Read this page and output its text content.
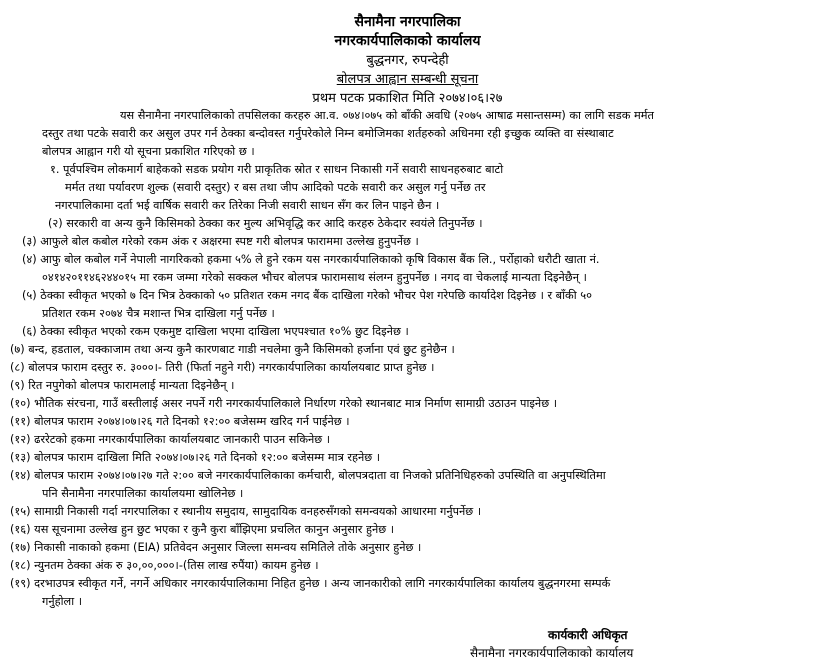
सैनामैना नगरपालिका
नगरकार्यपालिकाको कार्यालय
बुद्धनगर, रुपन्देही
बोलपत्र आह्वान सम्बन्धी सूचना
प्रथम पटक प्रकाशित मिति २०७४।०६।२७
यस सैनामैना नगरपालिकाको तपसिलका करहरु आ.व. ०७४।०७५ को बाँकी अवधि (२०७५ आषाढ मसान्तसम्म) का लागि सडक मर्मत
दस्तुर तथा पटके सवारी कर असुल उपर गर्न ठेक्का बन्दोवस्त गर्नुपरेकोले निम्न बमोजिमका शर्तहरुको अधिनमा रही इच्छुक व्यक्ति वा संस्थाबाट
बोलपत्र आह्वान गरी यो सूचना प्रकाशित गरिएको छ ।
१. पूर्वपश्चिम लोकमार्ग बाहेकको सडक प्रयोग गरी प्राकृतिक स्रोत र साधन निकासी गर्ने सवारी साधनहरुबाट बाटो
मर्मत तथा पर्यावरण शुल्क (सवारी दस्तुर) र बस तथा जीप आदिको पटके सवारी कर असुल गर्नु पर्नेछ तर
नगरपालिकामा दर्ता भई वार्षिक सवारी कर तिरेका निजी सवारी साधन सँग कर लिन पाइने छैन ।
(२) सरकारी वा अन्य कुनै किसिमको ठेक्का कर मुल्य अभिवृद्धि कर आदि करहरु ठेकेदार स्वयंले तिनुपर्नेछ ।
(३) आफुले बोल कबोल गरेको रकम अंक र अक्षरमा स्पष्ट गरी बोलपत्र फाराममा उल्लेख हुनुपर्नेछ ।
(४) आफु बोल कबोल गर्ने नेपाली नागरिकको हकमा ५% ले हुने रकम यस नगरकार्यपालिकाको कृषि विकास बैंक लि., पर्रोहाको धरौटी खाता नं.
०४१४२०११४६२४४०१५ मा रकम जम्मा गरेको सक्कल भौचर बोलपत्र फारामसाथ संलग्न हुनुपर्नेछ । नगद वा चेकलाई मान्यता दिइनेछैन् ।
(५) ठेक्का स्वीकृत भएको ७ दिन भित्र ठेक्काको ५० प्रतिशत रकम नगद बैंक दाखिला गरेको भौचर पेश गरेपछि कार्यादेश दिइनेछ । र बाँकी ५०
प्रतिशत रकम २०७४ चैत्र मशान्त भित्र दाखिला गर्नु पर्नेछ ।
(६) ठेक्का स्वीकृत भएको रकम एकमुष्ट दाखिला भएमा दाखिला भएपश्चात १०% छुट दिइनेछ ।
(७) बन्द, हडताल, चक्काजाम तथा अन्य कुनै कारणबाट गाडी नचलेमा कुनै किसिमको हर्जाना एवं छुट हुनेछैन ।
(८) बोलपत्र फाराम दस्तुर रु. ३०००।- तिरी (फिर्ता नहुने गरी) नगरकार्यपालिका कार्यालयबाट प्राप्त हुनेछ ।
(९) रित नपुगेको बोलपत्र फारामलाई मान्यता दिइनेछैन् ।
(१०) भौतिक संरचना, गाउँ बस्तीलाई असर नपर्ने गरी नगरकार्यपालिकाले निर्धारण गरेको स्थानबाट मात्र निर्माण सामाग्री उठाउन पाइनेछ ।
(११) बोलपत्र फाराम २०७४।०७।२६ गते दिनको १२:०० बजेसम्म खरिद गर्न पाईनेछ ।
(१२) ढररेटको हकमा नगरकार्यपालिका कार्यालयबाट जानकारी पाउन सकिनेछ ।
(१३) बोलपत्र फाराम दाखिला मिति २०७४।०७।२६ गते दिनको १२:०० बजेसम्म मात्र रहनेछ ।
(१४) बोलपत्र फाराम २०७४।०७।२७ गते २:०० बजे नगरकार्यपालिकाका कर्मचारी, बोलपत्रदाता वा निजको प्रतिनिधिहरुको उपस्थिति वा अनुपस्थितिमा
पनि सैनामैना नगरपालिका कार्यालयमा खोलिनेछ ।
(१५) सामाग्री निकासी गर्दा नगरपालिका र स्थानीय समुदाय, सामुदायिक वनहरुसँगको समन्वयको आधारमा गर्नुपर्नेछ ।
(१६) यस सूचनामा उल्लेख हुन छुट भएका र कुनै कुरा बाँझिएमा प्रचलित कानुन अनुसार हुनेछ ।
(१७) निकासी नाकाको हकमा (EIA) प्रतिवेदन अनुसार जिल्ला समन्वय समितिले तोके अनुसार हुनेछ ।
(१८) न्युनतम ठेक्का अंक रु ३०,००,०००।-(तिस लाख रुपैंया) कायम हुनेछ ।
(१९) दरभाउपत्र स्वीकृत गर्ने, नगर्ने अधिकार नगरकार्यपालिकामा निहित हुनेछ । अन्य जानकारीको लागि नगरकार्यपालिका कार्यालय बुद्धनगरमा सम्पर्क
गर्नुहोला ।
कार्यकारी अधिकृत
सैनामैना नगरकार्यपालिकाको कार्यालय
